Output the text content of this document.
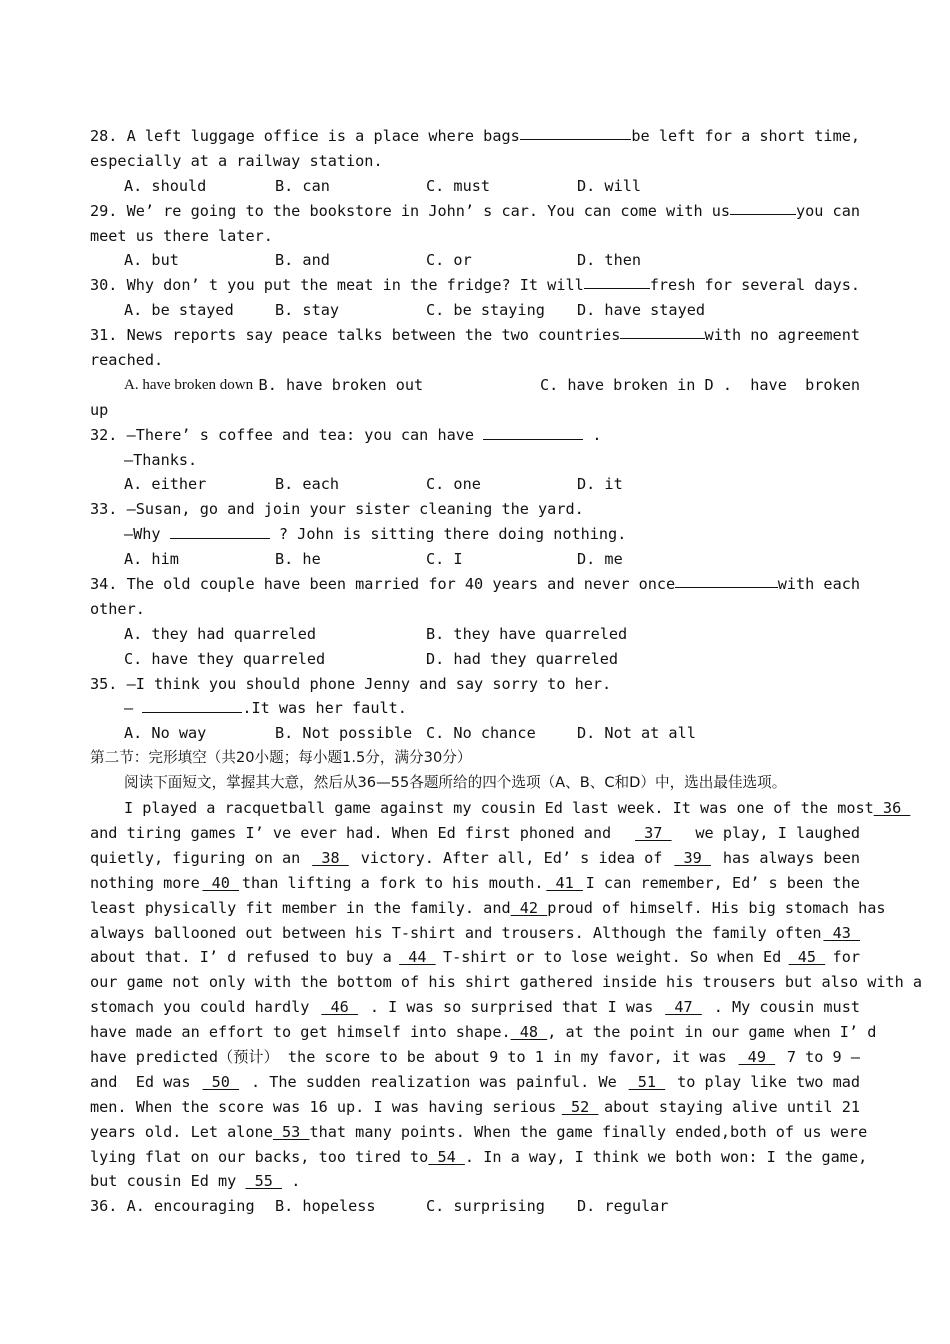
28. A left luggage office is a place where bags	be left for a short time,
especially at a railway station.
A. should	B. can	C. must	D. will
29. We’ re going to the bookstore in John’ s car. You can come with us	you can
meet us there later.
A. but	B. and	C. or	D. then
30. Why don’ t you put the meat in the fridge? It will	fresh for several days.
A. be stayed	B. stay	C. be staying	D. have stayed
31. News reports say peace talks between the two countries	with no agreement
reached.
A. have broken down B. have broken out	C. have broken in D .  have  broken
up
32. —There’ s coffee and tea: you can have	.
—Thanks.
A. either	B. each	C. one	D. it
33. —Susan, go and join your sister cleaning the yard.
—Why	? John is sitting there doing nothing.
A. him	B. he	C. I	D. me
34. The old couple have been married for 40 years and never once	with each
other.
A. they had quarreled	B. they have quarreled
C. have they quarreled	D. had they quarreled
35. —I think you should phone Jenny and say sorry to her.
—	.It was her fault.
A. No way	B. Not possible C. No chance	D. Not at all
第二节：完形填空（共20小题；每小题1.5分，满分30分）
阅读下面短文，掌握其大意，然后从36—55各题所给的四个选项（A、B、C和D）中，选出最佳选项。
I played a racquetball game against my cousin Ed last week. It was one of the most 36
and tiring games I’ ve ever had. When Ed first phoned and 37 we play, I laughed
quietly, figuring on an 38 victory. After all, Ed’ s idea of 39 has always been
nothing more 40 than lifting a fork to his mouth. 41 I can remember, Ed’ s been the
least physically fit member in the family. and 42 proud of himself. His big stomach has
always ballooned out between his T-shirt and trousers. Although the family often 43
about that. I’ d refused to buy a 44 T-shirt or to lose weight. So when Ed 45 for
our game not only with the bottom of his shirt gathered inside his trousers but also with a
stomach you could hardly 46 . I was so surprised that I was 47 . My cousin must
have made an effort to get himself into shape. 48 , at the point in our game when I’ d
have predicted（预计） the score to be about 9 to 1 in my favor, it was 49 7 to 9 —
and  Ed was 50 . The sudden realization was painful. We 51 to play like two mad
men. When the score was 16 up. I was having serious 52 about staying alive until 21
years old. Let alone 53 that many points. When the game finally ended,both of us were
lying flat on our backs, too tired to 54 . In a way, I think we both won: I the game,
but cousin Ed my  55  .
36. A. encouraging	B. hopeless	C. surprising	D. regular
